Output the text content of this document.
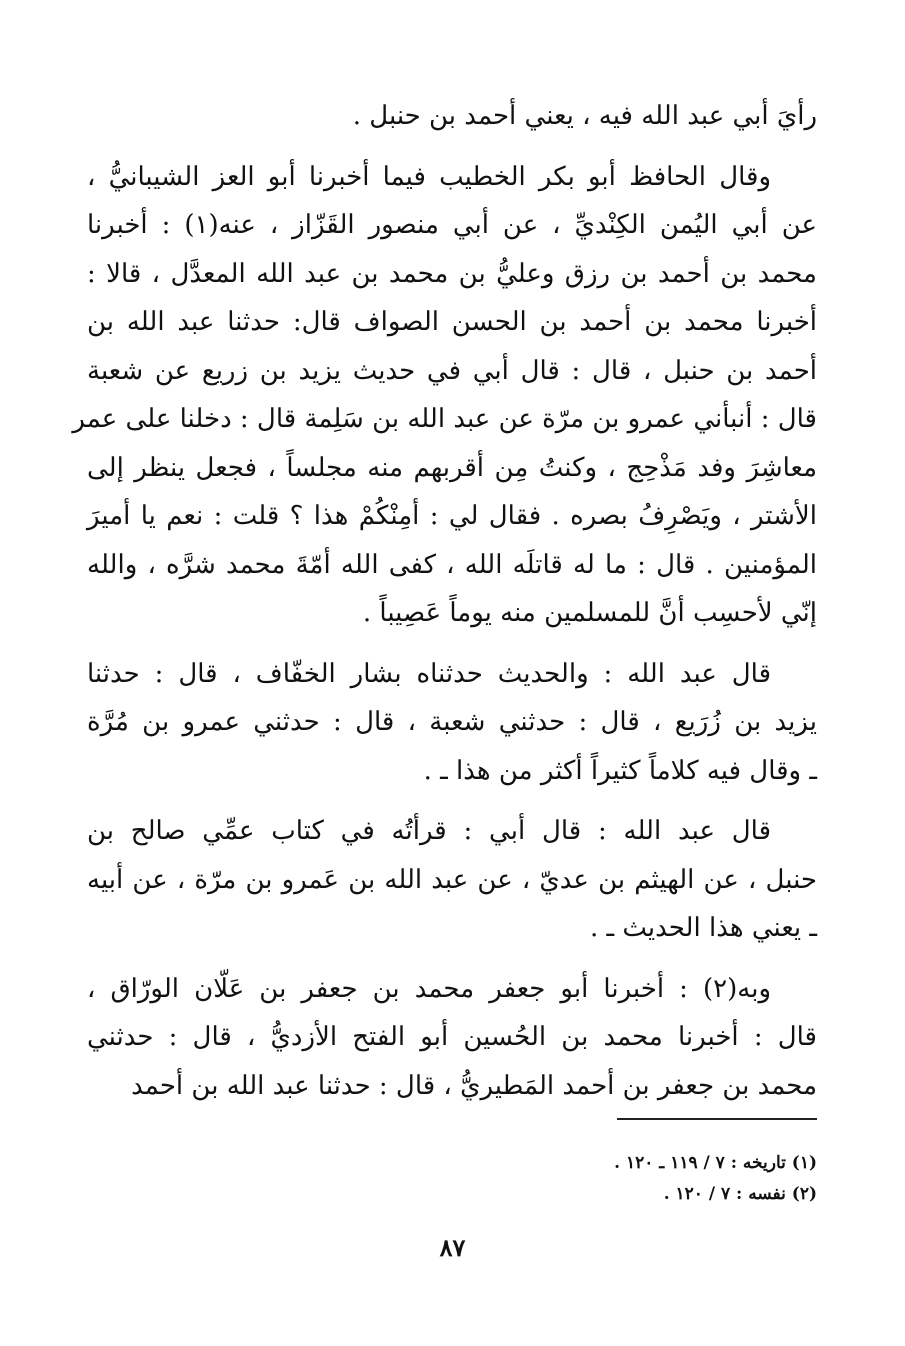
رأيَ أبي عبد الله فيه ، يعني أحمد بن حنبل .

وقال الحافظ أبو بكر الخطيب فيما أخبرنا أبو العز الشيبانيُّ ،
عن أبي اليُمن الكِنْديِّ ، عن أبي منصور القَزّاز ، عنه(١) : أخبرنا
محمد بن أحمد بن رزق وعليُّ بن محمد بن عبد الله المعدَّل ، قالا :
أخبرنا محمد بن أحمد بن الحسن الصواف قال: حدثنا عبد الله بن
أحمد بن حنبل ، قال : قال أبي في حديث يزيد بن زريع عن شعبة
قال : أنبأني عمرو بن مرّة عن عبد الله بن سَلِمة قال : دخلنا على عمر
معاشِرَ وفد مَذْحِج ، وكنتُ مِن أقربهم منه مجلساً ، فجعل ينظر إلى
الأشتر ، ويَصْرِفُ بصره . فقال لي : أمِنْكُمْ هذا ؟ قلت : نعم يا أميرَ
المؤمنين . قال : ما له قاتلَه الله ، كفى الله أمّةَ محمد شرَّه ، والله
إنّي لأحسِب أنَّ للمسلمين منه يوماً عَصِيباً .

قال عبد الله : والحديث حدثناه بشار الخفّاف ، قال : حدثنا
يزيد بن زُرَيع ، قال : حدثني شعبة ، قال : حدثني عمرو بن مُرَّة
ـ وقال فيه كلاماً كثيراً أكثر من هذا ـ .

قال عبد الله : قال أبي : قرأتُه في كتاب عمِّي صالح بن
حنبل ، عن الهيثم بن عديّ ، عن عبد الله بن عَمرو بن مرّة ، عن أبيه
ـ يعني هذا الحديث ـ .

وبه(٢) : أخبرنا أبو جعفر محمد بن جعفر بن عَلّان الورّاق ،
قال : أخبرنا محمد بن الحُسين أبو الفتح الأزديُّ ، قال : حدثني
محمد بن جعفر بن أحمد المَطيريُّ ، قال : حدثنا عبد الله بن أحمد

(١) تاريخه : ٧ / ١١٩ ـ ١٢٠ .
(٢) نفسه : ٧ / ١٢٠ .
٨٧
